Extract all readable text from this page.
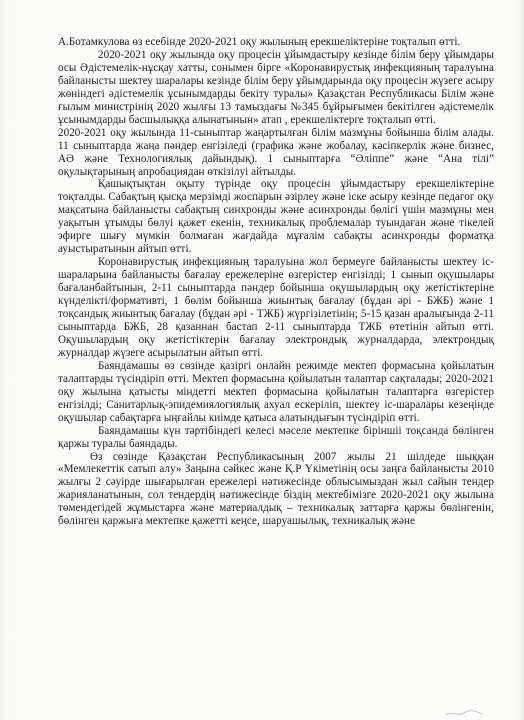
А.Ботамкулова өз есебінде 2020-2021 оқу жылының ерекшеліктеріне тоқталып өтті.

2020-2021 оқу жылында оқу процесін ұйымдастыру кезінде білім беру ұйымдары осы Әдістемелік-нұсқау хатты, сонымен бірге «Коронавирустық инфекцияның таралуына байланысты шектеу шаралары кезінде білім беру ұйымдарында оқу процесін жүзеге асыру жөніндегі әдістемелік ұсынымдарды бекіту туралы» Қазақстан Республикасы Білім және ғылым министрінің 2020 жылғы 13 тамыздағы №345 бұйрығымен бекітілген әдістемелік ұсынымдарды басшылыққа алынатынын» атап , ерекшеліктерге тоқталып өтті.

2020-2021 оқу жылында 11-сыныптар жаңартылған білім мазмұны бойынша білім алады. 11 сыныптарда жаңа пәндер енгізіледі (графика және жобалау, кәсіпкерлік және бизнес, АӘ және Технологиялық дайындық). 1 сыныптарға “Әліппе” және “Ана тілі” оқулықтарының апробациядан өткізілуі айтылды.

Қашықтықтан оқыту түрінде оқу процесін ұйымдастыру ерекшеліктеріне тоқталды. Сабақтың қысқа мерзімді жоспарын әзірлеу және іске асыру кезінде педагог оқу мақсатына байланысты сабақтың синхронды және асинхронды бөлігі үшін мазмұны мен уақытын ұтымды бөлуі қажет екенін, техникалық проблемалар туындаған және тікелей эфирге шығу мүмкін болмаған жағдайда мұғалім сабақты асинхронды форматқа ауыстыратынын айтып өтті.

Коронавирустық инфекцияның таралуына жол бермеуге байланысты шектеу іс-шараларына байланысты бағалау ережелеріне өзгерістер енгізілді; 1 сынып оқушылары бағаланбайтынын, 2-11 сыныптарда пәндер бойынша оқушылардың оқу жетістіктеріне күнделікті/формативті, 1 бөлім бойынша жиынтық бағалау (бұдан әрі - БЖБ) және 1 тоқсандық жиынтық бағалау (бұдан әрі - ТЖБ) жүргізілетінін; 5-15 қазан аралығында 2-11 сыныптарда БЖБ, 28 қазаннан бастап 2-11 сыныптарда ТЖБ өтетінін айтып өтті. Оқушылардың оқу жетістіктерін бағалау электрондық журналдарда, электрондық журналдар жүзеге асырылатын айтып өтті.

Баяндамашы өз сөзінде қазіргі онлайн режимде мектеп формасына қойылатын талаптарды түсіндіріп өтті. Мектеп формасына қойылатын талаптар сақталады; 2020-2021 оқу жылына қатысты міндетті мектеп формасына қойылатын талаптарға өзгерістер енгізілді; Санитарлық-эпидемиялогиялық ахуал ескеріліп, шектеу іс-шаралары кезеңінде оқушылар сабақтарға ыңғайлы киімде қатыса алатындығын түсіндіріп өтті.

Баяндамашы күн тәртібіндегі келесі мәселе мектепке біріншіі тоқсанда бөлінген қаржы туралы баяндады.

Өз сөзінде Қазақстан Республикасының 2007 жылы 21 шілдеде шыққан «Мемлекеттік сатып алу» Заңына сәйкес және Қ.Р Үкіметінің осы заңға байланысты 2010 жылғы 2 сәуірде шығарылған ережелері нәтижесінде облысымыздан жыл сайын тендер жарияланатынын, сол тендердің нәтижесінде біздің мектебімізге 2020-2021 оқу жылына төмендегідей жұмыстарға және материалдық – техникалық заттарға қаржы бөлінгенін, бөлінген қаржыға мектепке қажетті кеңсе, шаруашылық, техникалық және
